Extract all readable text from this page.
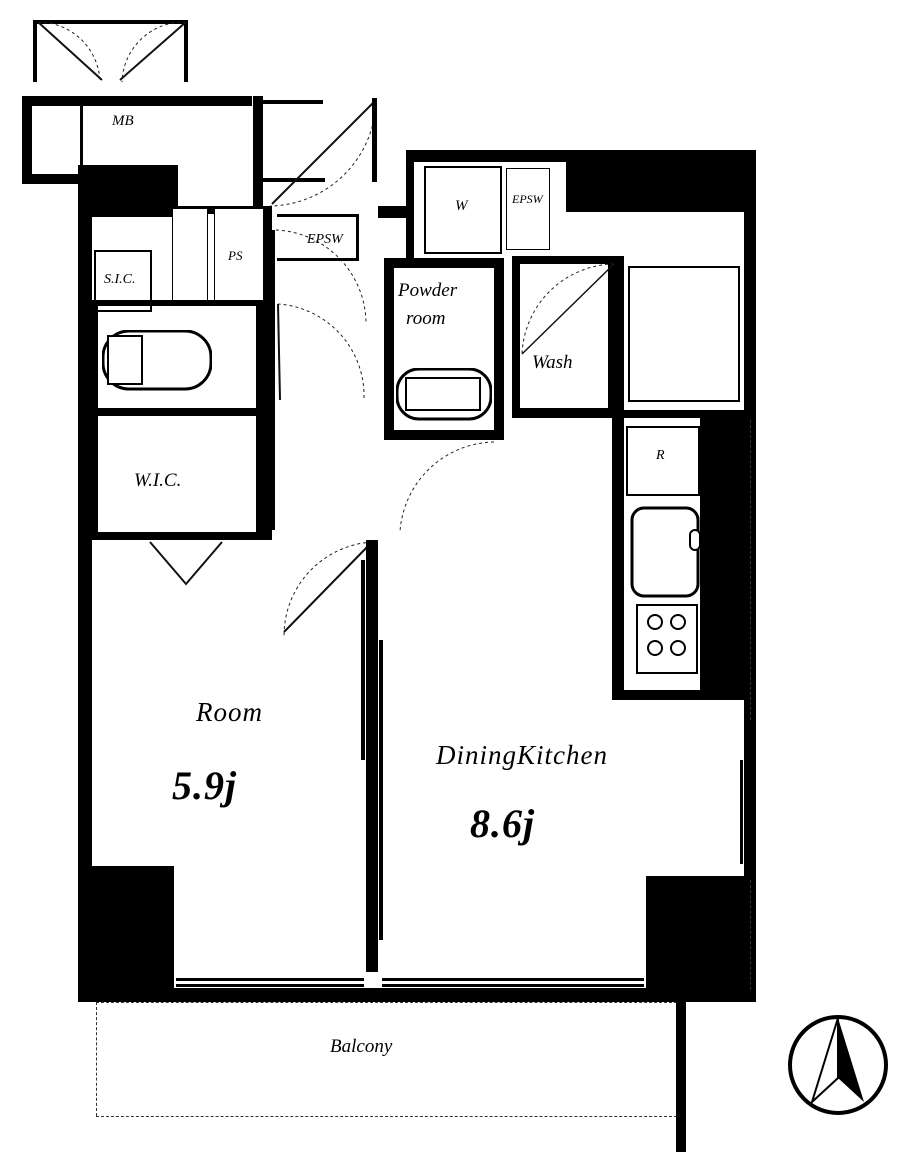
MB
S.I.C.
PS
W.I.C.
EPSW
W	EPSW
Powder
room
Wash
R
Room
5.9j
DiningKitchen
8.6j
Balcony
